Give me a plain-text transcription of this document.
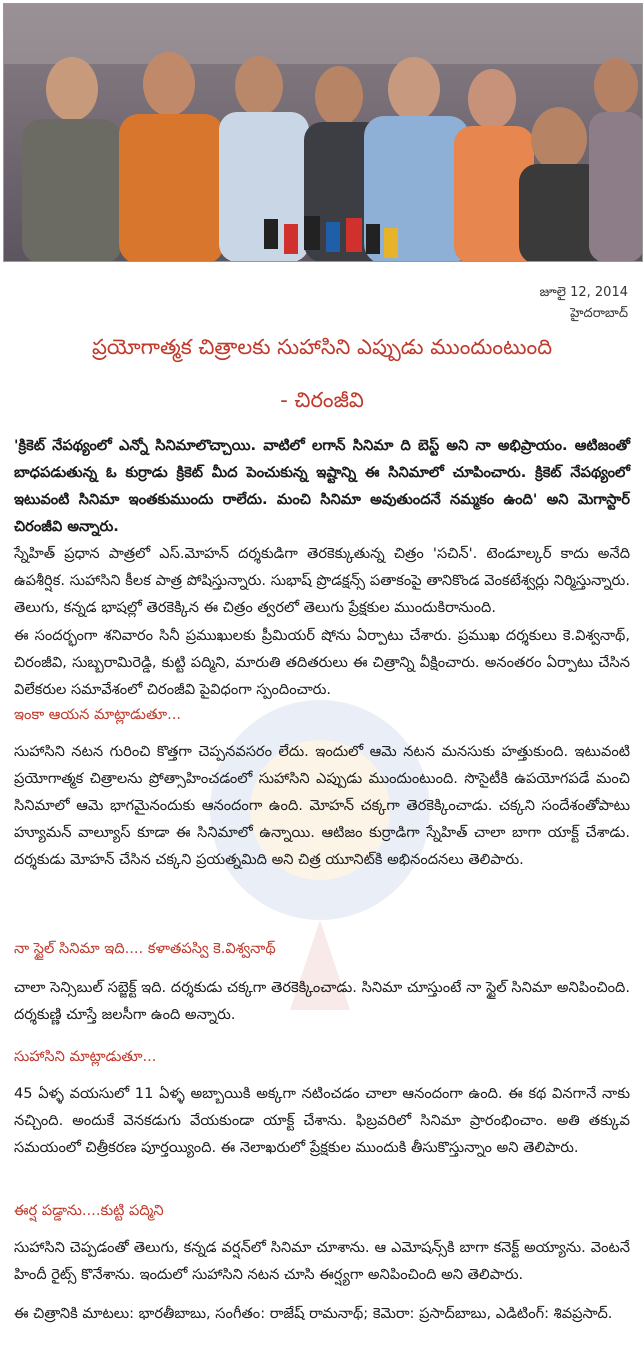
జూలై 12, 2014
హైదరాబాద్
ప్రయోగాత్మక చిత్రాలకు సుహాసిని ఎప్పుడు ముందుంటుంది
- చిరంజీవి

'క్రికెట్ నేపథ్యంలో ఎన్నో సినిమాలొచ్చాయి. వాటిలో లగాన్ సినిమా ది బెస్ట్ అని నా అభిప్రాయం. ఆటిజంతో బాధపడుతున్న ఓ కుర్రాడు క్రికెట్ మీద పెంచుకున్న ఇష్టాన్ని ఈ సినిమాలో చూపించారు. క్రికెట్ నేపథ్యంలో ఇటువంటి సినిమా ఇంతకుముందు రాలేదు. మంచి సినిమా అవుతుందనే నమ్మకం ఉంది' అని మెగాస్టార్ చిరంజీవి అన్నారు.

స్నేహిత్ ప్రధాన పాత్రలో ఎస్.మోహన్ దర్శకుడిగా తెరకెక్కుతున్న చిత్రం 'సచిన్'. టెండూల్కర్ కాదు అనేది ఉపశీర్షిక. సుహాసిని కీలక పాత్ర పోషిస్తున్నారు. సుభాష్ ప్రొడక్షన్స్ పతాకంపై తానికొండ వెంకటేశ్వర్లు నిర్మిస్తున్నారు. తెలుగు, కన్నడ భాషల్లో తెరకెక్కిన ఈ చిత్రం త్వరలో తెలుగు ప్రేక్షకుల ముందుకిరానుంది.

ఈ సందర్భంగా శనివారం సినీ ప్రముఖులకు ప్రీమియర్ షోను ఏర్పాటు చేశారు. ప్రముఖ దర్శకులు కె.విశ్వనాథ్, చిరంజీవి, సుబ్బరామిరెడ్డి, కుట్టి పద్మిని, మారుతి తదితరులు ఈ చిత్రాన్ని వీక్షించారు. అనంతరం ఏర్పాటు చేసిన విలేకరుల సమావేశంలో చిరంజీవి పైవిధంగా స్పందించారు.

ఇంకా ఆయన మాట్లాడుతూ...

సుహాసిని నటన గురించి కొత్తగా చెప్పనవసరం లేదు. ఇందులో ఆమె నటన మనసుకు హత్తుకుంది. ఇటువంటి ప్రయోగాత్మక చిత్రాలను ప్రోత్సాహించడంలో సుహాసిని ఎప్పుడు ముందుంటుంది. సొసైటీకి ఉపయోగపడే మంచి సినిమాలో ఆమె భాగమైనందుకు ఆనందంగా ఉంది. మోహన్ చక్కగా తెరకెక్కించాడు. చక్కని సందేశంతోపాటు హ్యూమన్ వాల్యూస్ కూడా ఈ సినిమాలో ఉన్నాయి. ఆటిజం కుర్రాడిగా స్నేహిత్ చాలా బాగా యాక్ట్ చేశాడు. దర్శకుడు మోహన్ చేసిన చక్కని ప్రయత్నమిది అని చిత్ర యూనిట్‌కి అభినందనలు తెలిపారు.

నా స్టైల్ సినిమా ఇది.... కళాతపస్వి కె.విశ్వనాథ్

చాలా సెన్సిబుల్ సబ్జెక్ట్ ఇది. దర్శకుడు చక్కగా తెరకెక్కించాడు. సినిమా చూస్తుంటే నా స్టైల్ సినిమా అనిపించింది. దర్శకుణ్ణి చూస్తే జలసీగా ఉంది అన్నారు.

సుహాసిని మాట్లాడుతూ...

45 ఏళ్ళ వయసులో 11 ఏళ్ళ అబ్బాయికి అక్కగా నటించడం చాలా ఆనందంగా ఉంది. ఈ కథ వినగానే నాకు నచ్చింది. అందుకే వెనకడుగు వేయకుండా యాక్ట్ చేశాను. ఫిబ్రవరిలో సినిమా ప్రారంభించాం. అతి తక్కువ సమయంలో చిత్రీకరణ పూర్తయ్యింది. ఈ నెలాఖరులో ప్రేక్షకుల ముందుకి తీసుకొస్తున్నాం అని తెలిపారు.

ఈర్ష పడ్డాను....కుట్టి పద్మిని

సుహాసిని చెప్పడంతో తెలుగు, కన్నడ వర్షన్‌లో సినిమా చూశాను. ఆ ఎమోషన్స్‌కి బాగా కనెక్ట్ అయ్యాను. వెంటనే హిందీ రైట్స్ కొనేశాను. ఇందులో సుహాసిని నటన చూసి ఈర్ష్యగా అనిపించింది అని తెలిపారు.

ఈ చిత్రానికి మాటలు: భారతీబాబు, సంగీతం: రాజేష్ రామనాథ్; కెమెరా: ప్రసాద్‌బాబు, ఎడిటింగ్: శివప్రసాద్.
